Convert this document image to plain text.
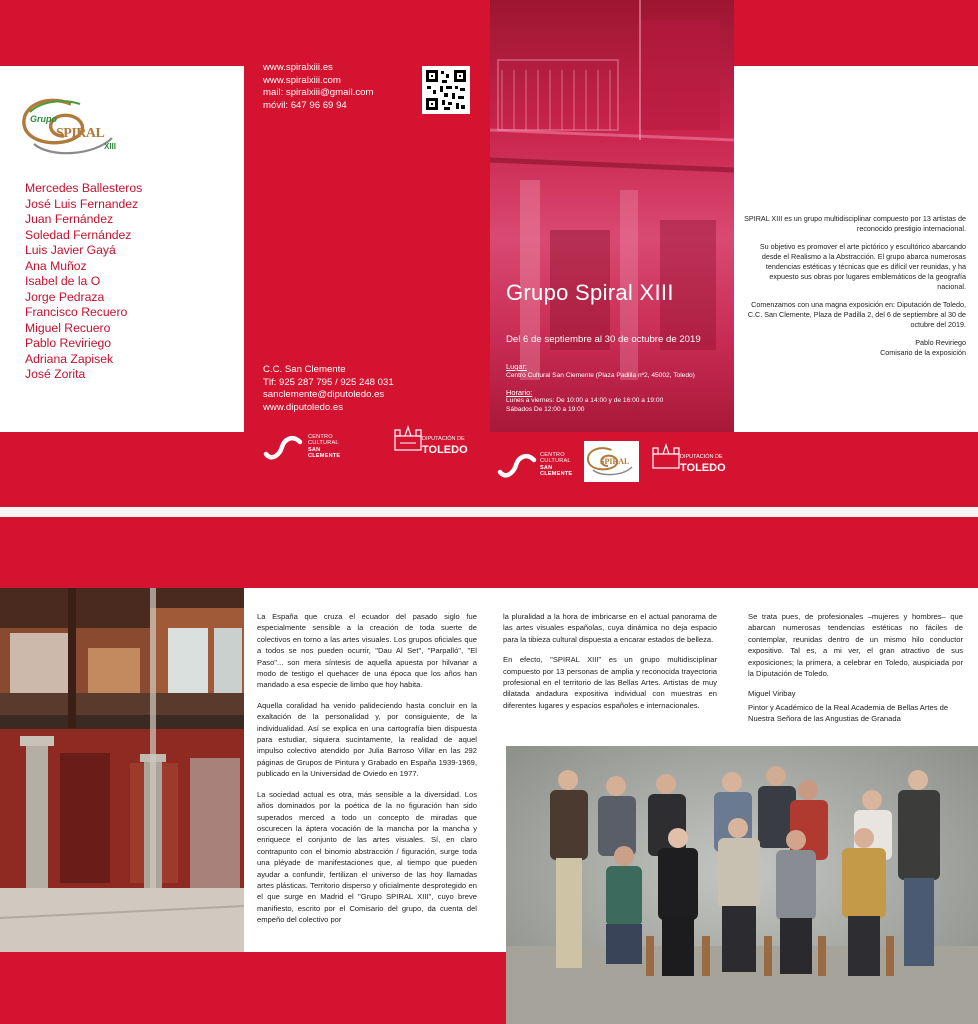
Grupo
SPIRAL
XIII
Mercedes Ballesteros
José Luis Fernandez
Juan Fernández
Soledad Fernández
Luis Javier Gayá
Ana Muñoz
Isabel de la O
Jorge Pedraza
Francisco Recuero
Miguel Recuero
Pablo Reviriego
Adriana Zapisek
José Zorita
www.spiralxiii.es
www.spiralxiii.com
mail: spiralxiii@gmail.com
móvil: 647 96 69 94
C.C. San Clemente
Tlf: 925 287 795 / 925 248 031
sanclemente@diputoledo.es
www.diputoledo.es
CENTRO
CULTURAL
SAN
CLEMENTE
DIPUTACIÓN DE
TOLEDO
Grupo Spiral XIII
Del 6 de septiembre al 30 de octubre de 2019
Lugar:
Centro Cultural San Clemente (Plaza Padilla nº2, 45002, Toledo)
Horario:
Lunes a viernes: De 10:00 a 14:00 y de 16:00 a 19:00
Sábados De 12:00 a 19:00
CENTRO
CULTURAL
SAN
CLEMENTE
SPIRAL	DIPUTACIÓN DE
TOLEDO

SPIRAL XIII es un grupo multidisciplinar compuesto por 13 artistas de reconocido prestigio internacional.

Su objetivo es promover el arte pictórico y escultórico abarcando desde el Realismo a la Abstracción. El grupo abarca numerosas tendencias estéticas y técnicas que es difícil ver reunidas, y ha expuesto sus obras por lugares emblemáticos de la geografía nacional.

Comenzamos con una magna exposición en: Diputación de Toledo, C.C. San Clemente, Plaza de Padilla 2, del 6 de septiembre al 30 de octubre del 2019.

Pablo Reviriego

Comisario de la exposición

La España que cruza el ecuador del pasado siglo fue especialmente sensible a la creación de toda suerte de colectivos en torno a las artes visuales. Los grupos oficiales que a todos se nos pueden ocurrir, "Dau Al Set", "Parpalló", "El Paso"... son mera síntesis de aquella apuesta por hilvanar a modo de testigo el quehacer de una época que los años han mandado a esa especie de limbo que hoy habita.

Aquella coralidad ha venido palideciendo hasta concluir en la exaltación de la personalidad y, por consiguiente, de la individualidad. Así se explica en una cartografía bien dispuesta para estudiar, siquiera sucintamente, la realidad de aquel impulso colectivo atendido por Julia Barroso Villar en las 292 páginas de Grupos de Pintura y Grabado en España 1939-1969, publicado en la Universidad de Oviedo en 1977.

La sociedad actual es otra, más sensible a la diversidad. Los años dominados por la poética de la no figuración han sido superados merced a todo un concepto de miradas que oscurecen la áptera vocación de la mancha por la mancha y enriquece el conjunto de las artes visuales. Sí, en claro contrapunto con el binomio abstracción / figuración, surge toda una pléyade de manifestaciones que, al tiempo que pueden ayudar a confundir, fertilizan el universo de las hoy llamadas artes plásticas. Territorio disperso y oficialmente desprotegido en el que surge en Madrid el "Grupo SPIRAL XIII", cuyo breve manifiesto, escrito por el Comisario del grupo, da cuenta del empeño del colectivo por

la pluralidad a la hora de imbricarse en el actual panorama de las artes visuales españolas, cuya dinámica no deja espacio para la tibieza cultural dispuesta a encarar estados de belleza.

En efecto, "SPIRAL XIII" es un grupo multidisciplinar compuesto por 13 personas de amplia y reconocida trayectoria profesional en el territorio de las Bellas Artes. Artistas de muy dilatada andadura expositiva individual con muestras en diferentes lugares y espacios españoles e internacionales.

Se trata pues, de profesionales –mujeres y hombres– que abarcan numerosas tendencias estéticas no fáciles de contemplar, reunidas dentro de un mismo hilo conductor expositivo. Tal es, a mi ver, el gran atractivo de sus exposiciones; la primera, a celebrar en Toledo, auspiciada por la Diputación de Toledo.

Miguel Viribay

Pintor y Académico de la Real Academia de Bellas Artes de Nuestra Señora de las Angustias de Granada
